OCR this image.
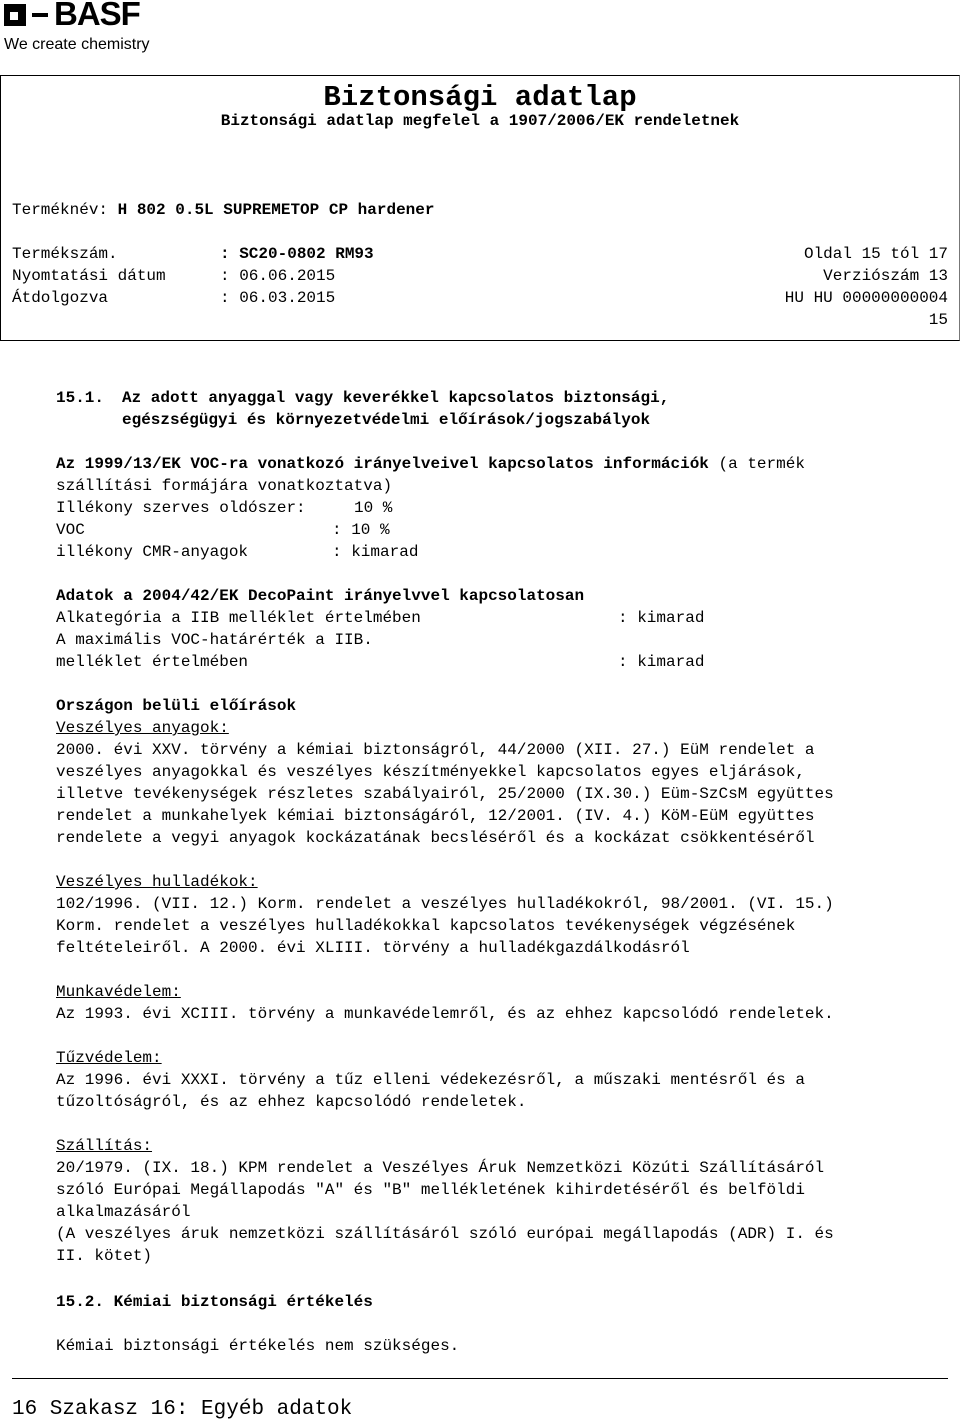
BASF
We create chemistry
Biztonsági adatlap
Biztonsági adatlap megfelel a 1907/2006/EK rendeletnek
Terméknév: H 802 0.5L SUPREMETOP CP hardener
Termékszám.	: SC20-0802 RM93	Oldal 15 tól 17
Nyomtatási dátum	: 06.06.2015	Verziószám 13
Átdolgozva	: 06.03.2015	HU HU 00000000004
15
15.1. Az adott anyaggal vagy keverékkel kapcsolatos biztonsági,
egészségügyi és környezetvédelmi előírások/jogszabályok
Az 1999/13/EK VOC-ra vonatkozó irányelveivel kapcsolatos információk (a termék
szállítási formájára vonatkoztatva)
Illékony szerves oldószer:	10 %
VOC	: 10 %
illékony CMR-anyagok	: kimarad
Adatok a 2004/42/EK DecoPaint irányelvvel kapcsolatosan
Alkategória a IIB melléklet értelmében	: kimarad
A maximális VOC-határérték a IIB.
melléklet értelmében	: kimarad
Országon belüli előírások
Veszélyes anyagok:
2000. évi XXV. törvény a kémiai biztonságról, 44/2000 (XII. 27.) EüM rendelet a
veszélyes anyagokkal és veszélyes készítményekkel kapcsolatos egyes eljárások,
illetve tevékenységek részletes szabályairól, 25/2000 (IX.30.) Eüm-SzCsM együttes
rendelet a munkahelyek kémiai biztonságáról, 12/2001. (IV. 4.) KöM-EüM együttes
rendelete a vegyi anyagok kockázatának becsléséről és a kockázat csökkentéséről
Veszélyes hulladékok:
102/1996. (VII. 12.) Korm. rendelet a veszélyes hulladékokról, 98/2001. (VI. 15.)
Korm. rendelet a veszélyes hulladékokkal kapcsolatos tevékenységek végzésének
feltételeiről. A 2000. évi XLIII. törvény a hulladékgazdálkodásról
Munkavédelem:
Az 1993. évi XCIII. törvény a munkavédelemről, és az ehhez kapcsolódó rendeletek.
Tűzvédelem:
Az 1996. évi XXXI. törvény a tűz elleni védekezésről, a műszaki mentésről és a
tűzoltóságról, és az ehhez kapcsolódó rendeletek.
Szállítás:
20/1979. (IX. 18.) KPM rendelet a Veszélyes Áruk Nemzetközi Közúti Szállításáról
szóló Európai Megállapodás "A" és "B" mellékletének kihirdetéséről és belföldi
alkalmazásáról
(A veszélyes áruk nemzetközi szállításáról szóló európai megállapodás (ADR) I. és
II. kötet)
15.2. Kémiai biztonsági értékelés
Kémiai biztonsági értékelés nem szükséges.
16 Szakasz 16: Egyéb adatok
